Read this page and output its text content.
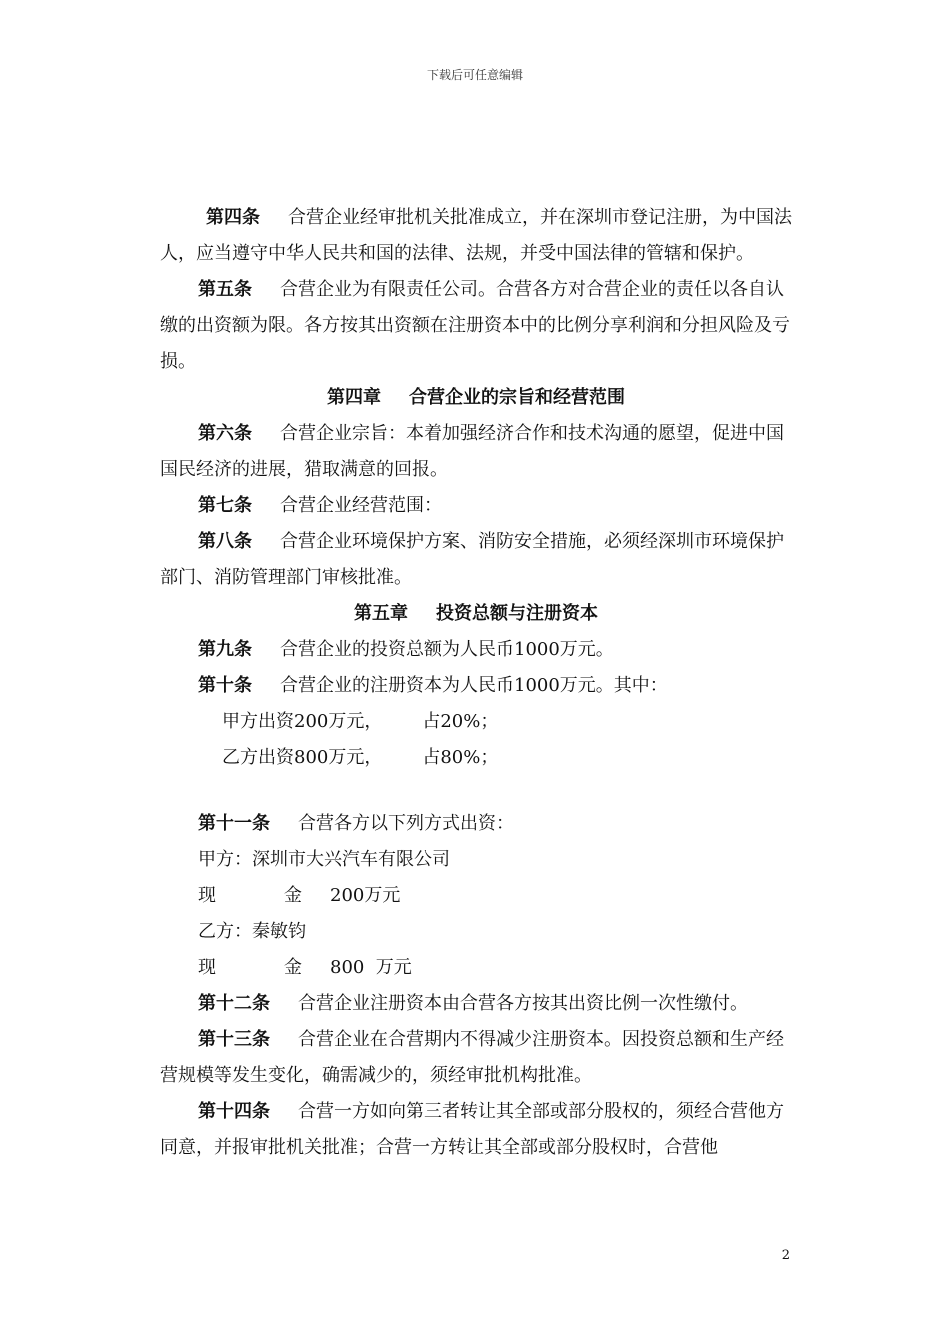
下载后可任意编辑

第四条 合营企业经审批机关批准成立，并在深圳市登记注册，为中国法人，应当遵守中华人民共和国的法律、法规，并受中国法律的管辖和保护。

第五条 合营企业为有限责任公司。合营各方对合营企业的责任以各自认缴的出资额为限。各方按其出资额在注册资本中的比例分享利润和分担风险及亏损。

第四章 合营企业的宗旨和经营范围

第六条 合营企业宗旨：本着加强经济合作和技术沟通的愿望，促进中国国民经济的进展，猎取满意的回报。

第七条 合营企业经营范围：

第八条 合营企业环境保护方案、消防安全措施，必须经深圳市环境保护部门、消防管理部门审核批准。

第五章 投资总额与注册资本

第九条 合营企业的投资总额为人民币1000万元。

第十条 合营企业的注册资本为人民币1000万元。其中：

甲方出资200万元， 占20%；

乙方出资800万元， 占80%；

第十一条 合营各方以下列方式出资：

甲方：深圳市大兴汽车有限公司

现	金 200万元

乙方：秦敏钧

现	金 800  万元

第十二条 合营企业注册资本由合营各方按其出资比例一次性缴付。

第十三条 合营企业在合营期内不得减少注册资本。因投资总额和生产经营规模等发生变化，确需减少的，须经审批机构批准。

第十四条 合营一方如向第三者转让其全部或部分股权的，须经合营他方同意，并报审批机关批准；合营一方转让其全部或部分股权时，合营他

2
